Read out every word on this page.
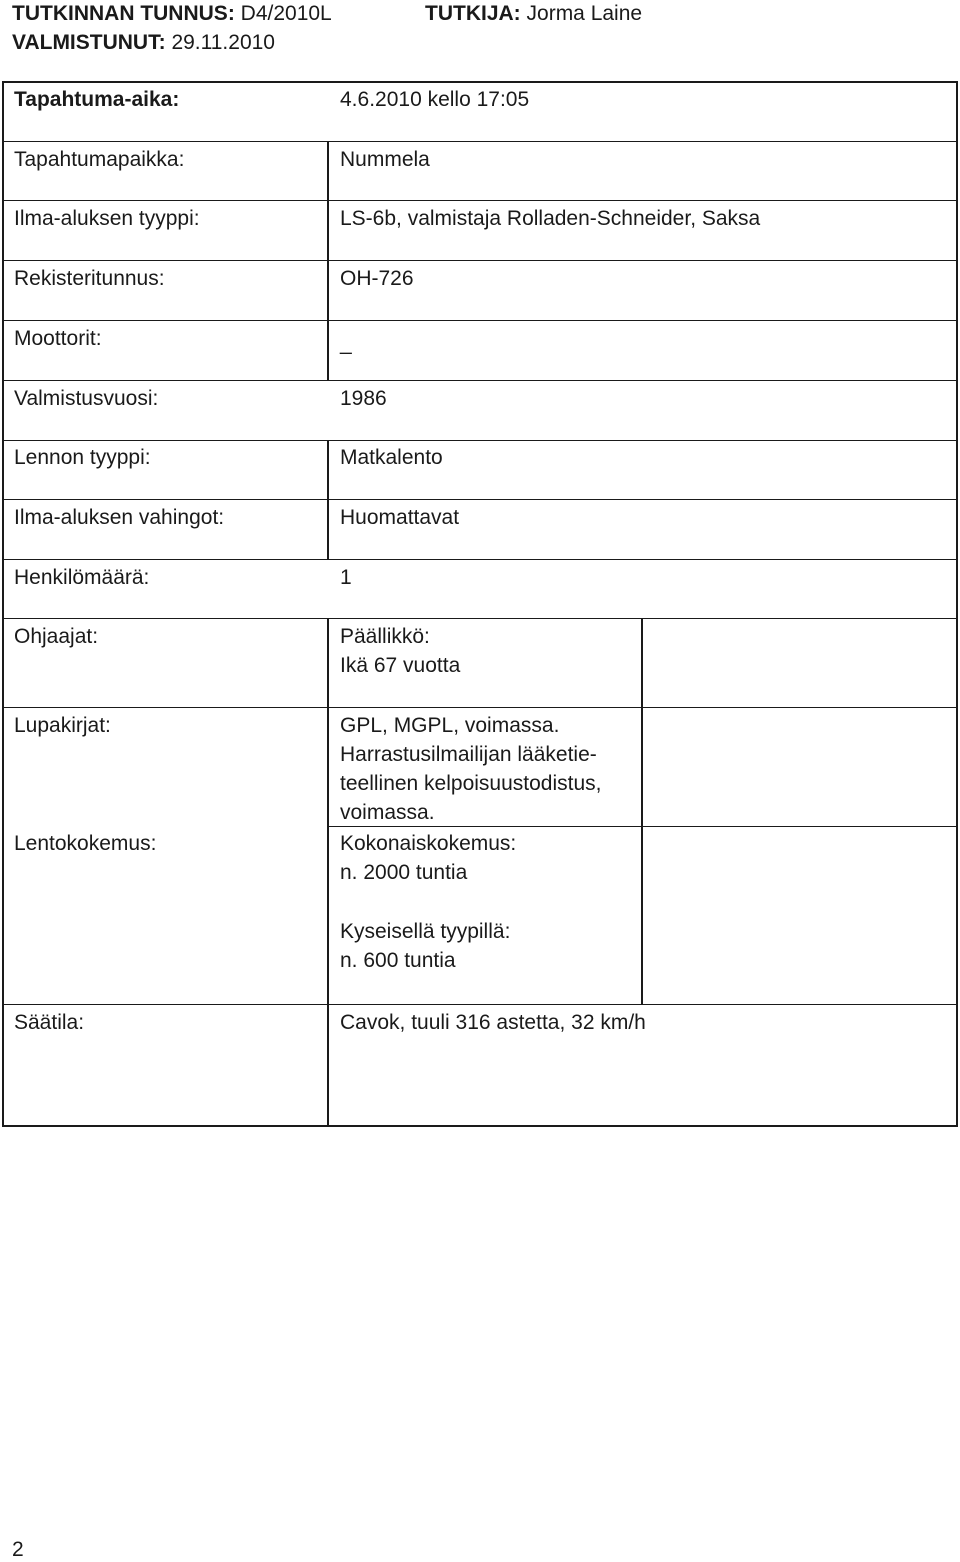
TUTKINNAN TUNNUS: D4/2010L	TUTKIJA: Jorma Laine
VALMISTUNUT: 29.11.2010
Tapahtuma-aika:	4.6.2010 kello 17:05
Tapahtumapaikka:	Nummela
Ilma-aluksen tyyppi:	LS-6b, valmistaja Rolladen-Schneider, Saksa
Rekisteritunnus:	OH-726
Moottorit:	_
Valmistusvuosi:	1986
Lennon tyyppi:	Matkalento
Ilma-aluksen vahingot:	Huomattavat
Henkilömäärä:	1
Ohjaajat:	Päällikkö:
Ikä 67 vuotta
Lupakirjat:	GPL, MGPL, voimassa.
Harrastusilmailijan lääketie-
teellinen kelpoisuustodistus,
voimassa.
Lentokokemus:	Kokonaiskokemus:
n. 2000 tuntia
Kyseisellä tyypillä:
n. 600 tuntia
Säätila:	Cavok, tuuli 316 astetta, 32 km/h
2
